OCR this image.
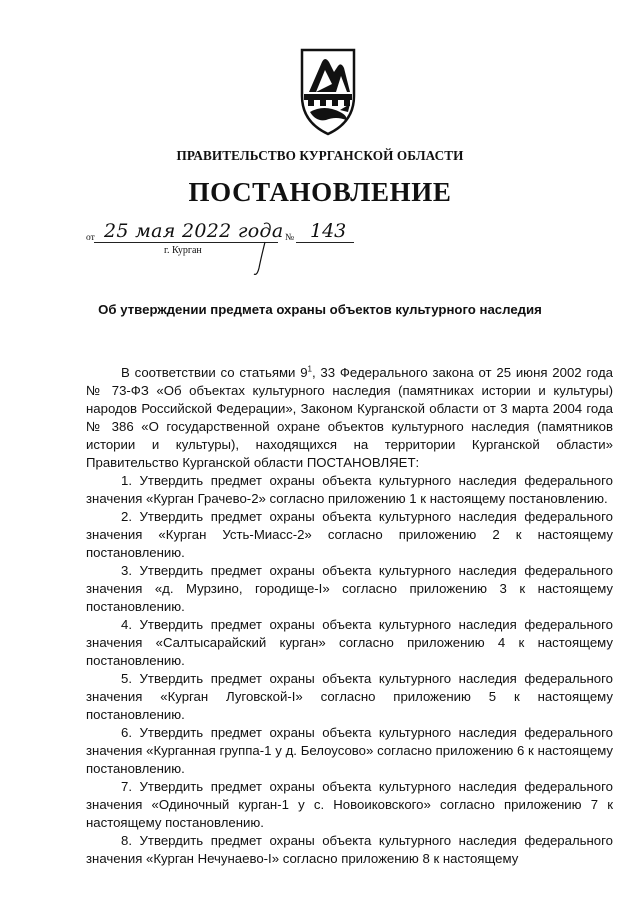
ПРАВИТЕЛЬСТВО КУРГАНСКОЙ ОБЛАСТИ
ПОСТАНОВЛЕНИЕ
от 25 мая 2022 года № 143
г. Курган
Об утверждении предмета охраны объектов культурного наследия

В соответствии со статьями $9^1$, 33 Федерального закона от 25 июня 2002 года № 73-ФЗ «Об объектах культурного наследия (памятниках истории и культуры) народов Российской Федерации», Законом Курганской области от 3 марта 2004 года № 386 «О государственной охране объектов культурного наследия (памятников истории и культуры), находящихся на территории Курганской области» Правительство Курганской области ПОСТАНОВЛЯЕТ:

1. Утвердить предмет охраны объекта культурного наследия федерального значения «Курган Грачево-2» согласно приложению 1 к настоящему постановлению.

2. Утвердить предмет охраны объекта культурного наследия федерального значения «Курган Усть-Миасс-2» согласно приложению 2 к настоящему постановлению.

3. Утвердить предмет охраны объекта культурного наследия федерального значения «д. Мурзино, городище-I» согласно приложению 3 к настоящему постановлению.

4. Утвердить предмет охраны объекта культурного наследия федерального значения «Салтысарайский курган» согласно приложению 4 к настоящему постановлению.

5. Утвердить предмет охраны объекта культурного наследия федерального значения «Курган Луговской-I» согласно приложению 5 к настоящему постановлению.

6. Утвердить предмет охраны объекта культурного наследия федерального значения «Курганная группа-1 у д. Белоусово» согласно приложению 6 к настоящему постановлению.

7. Утвердить предмет охраны объекта культурного наследия федерального значения «Одиночный курган-1 у с. Новоиковского» согласно приложению 7 к настоящему постановлению.

8. Утвердить предмет охраны объекта культурного наследия федерального значения «Курган Нечунаево-I» согласно приложению 8 к настоящему
